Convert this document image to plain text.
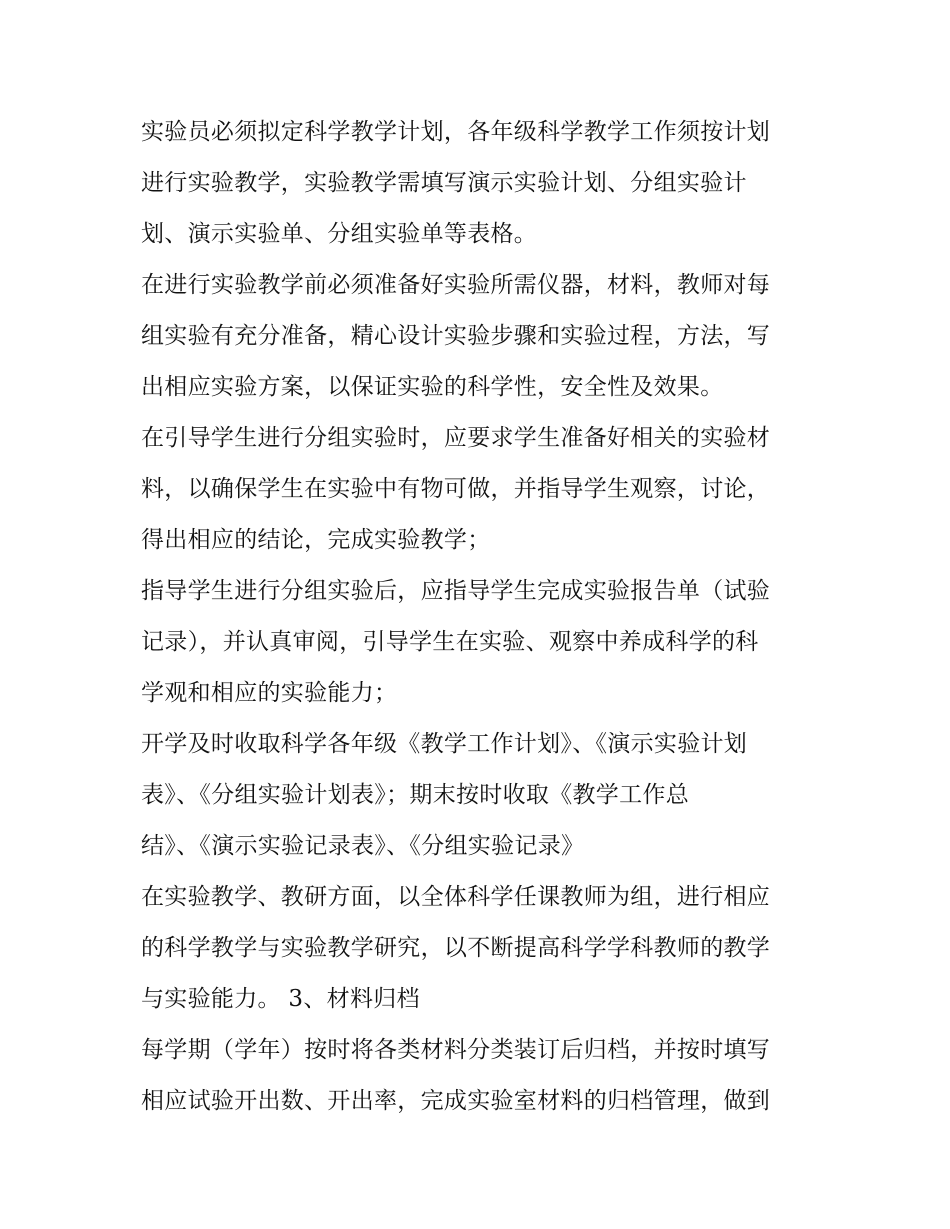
实验员必须拟定科学教学计划，各年级科学教学工作须按计划
进行实验教学，实验教学需填写演示实验计划、分组实验计
划、演示实验单、分组实验单等表格。
在进行实验教学前必须准备好实验所需仪器，材料，教师对每
组实验有充分准备，精心设计实验步骤和实验过程，方法，写
出相应实验方案，以保证实验的科学性，安全性及效果。
在引导学生进行分组实验时，应要求学生准备好相关的实验材
料，以确保学生在实验中有物可做，并指导学生观察，讨论，
得出相应的结论，完成实验教学；
指导学生进行分组实验后，应指导学生完成实验报告单（试验
记录），并认真审阅，引导学生在实验、观察中养成科学的科
学观和相应的实验能力；
开学及时收取科学各年级《教学工作计划》、《演示实验计划
表》、《分组实验计划表》；期末按时收取《教学工作总
结》、《演示实验记录表》、《分组实验记录》
在实验教学、教研方面，以全体科学任课教师为组，进行相应
的科学教学与实验教学研究，以不断提高科学学科教师的教学
与实验能力。 3、材料归档
每学期（学年）按时将各类材料分类装订后归档，并按时填写
相应试验开出数、开出率，完成实验室材料的归档管理，做到
